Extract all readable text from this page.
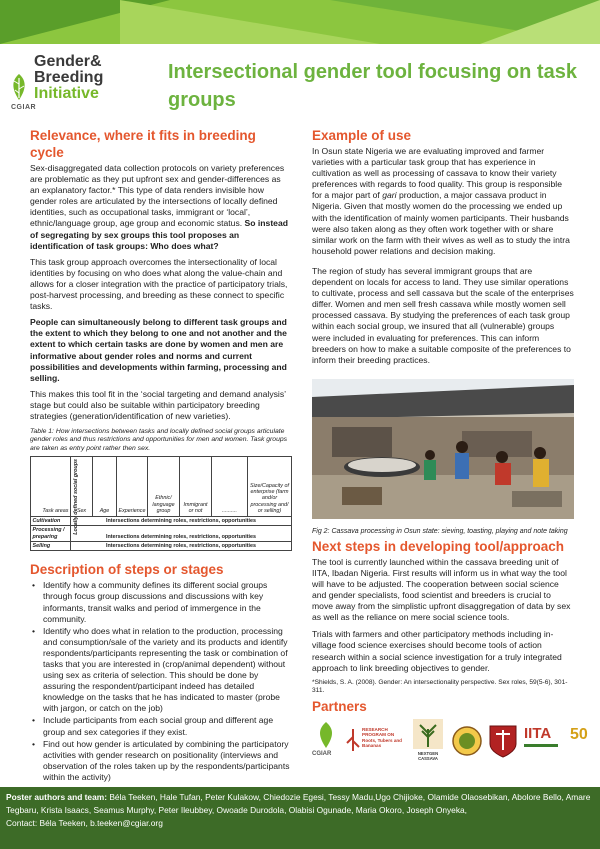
CGIAR
Gender&
Breeding
Initiative
Intersectional gender tool focusing on task groups
Relevance, where it fits in breeding cycle

Sex-disaggregated data collection protocols on variety preferences are problematic as they put upfront sex and gender-differences as an explanatory factor.* This type of data renders invisible how gender roles are articulated by the intersections of locally defined identities, such as occupational tasks, immigrant or ‘local’, ethnic/language group, age group and economic status. So instead of segregating by sex groups this tool proposes an identification of task groups: Who does what?

This task group approach overcomes the intersectionality of local identities by focusing on who does what along the value-chain and allows for a closer integration with the practice of participatory trials, post-harvest processing, and breeding as these connect to specific tasks.

People can simultaneously belong to different task groups and the extent to which they belong to one and not another and the extent to which certain tasks are done by women and men are informative about gender roles and norms and current possibilities and developments within farming, processing and selling.

This makes this tool fit in the ‘social targeting and demand analysis’ stage but could also be suitable within participatory breeding strategies (generation/identification of new varieties).

Table 1: How intersections between tasks and locally defined social groups articulate gender roles and thus restrictions and opportunities for men and women. Task groups are taken as entry point rather then sex.
Task areas	Locally defined social groups
Sex	Age	Experience	Ethnic/ language group	Immigrant or not	..........	Size/Capacity of enterprise (farm and/or processing and/ or selling)
Cultivation	Intersections determining roles, restrictions, opportunities						
Processing / preparing	Intersections determining roles, restrictions, opportunities						
Selling	Intersections determining roles, restrictions, opportunities						
Description of steps or stages
• Identify how a community defines its different social groups through focus group discussions and discussions with key informants, transit walks and period of immergence in the community.
• Identify who does what in relation to the production, processing and consumption/sale of the variety and its products and identify respondents/participants representing the task or combination of tasks that you are interested in (crop/animal dependent) without using sex as criteria of selection. This should be done by assuring the respondent/participant indeed has detailed knowledge on the tasks that he has indicated to master (probe with jargon, or catch on the job)
• Include participants from each social group and different age group and sex categories if they exist.
• Find out how gender is articulated by combining the participatory activities with gender research on positionality (interviews and observation of the roles taken up by the respondents/participants within the activity)
Example of use

In Osun state Nigeria we are evaluating improved and farmer varieties with a particular task group that has experience in cultivation as well as processing of cassava to know their variety preferences with regards to food quality. This group is responsible for a major part of gari production, a major cassava product in Nigeria. Given that mostly women do the processing we ended up with the identification of mainly women participants. Their husbands were also taken along as they often work together with or share similar work on the farm with their wives as well as to study the intra household power relations and decision making.

The region of study has several immigrant groups that are dependent on locals for access to land. They use similar operations to cultivate, process and sell cassava but the scale of the enterprises differ. Women and men sell fresh cassava while mostly women sell processed cassava. By studying the preferences of each task group within each social group, we insured that all (vulnerable) groups were included in evaluating for preferences. This can inform breeders on how to make a suitable composite of the preferences to inform their breeding practices.

Fig 2: Cassava processing in Osun state: sieving, toasting, playing and note taking
Next steps in developing tool/approach

The tool is currently launched within the cassava breeding unit of IITA, Ibadan Nigeria. First results will inform us in what way the tool will have to be adjusted. The cooperation between social science and gender specialists, food scientist and breeders is crucial to move away from the simplistic upfront disaggregation of data by sex as well as the reliance on mere social science tools.

Trials with farmers and other participatory methods including in-village food science exercises should become tools of action research within a social science investigation for a truly integrated approach to link breeding objectives to gender.

*Shields, S. A. (2008). Gender: An intersectionality perspective. Sex roles, 59(5-6), 301-311.
Partners
CGIAR
RESEARCH PROGRAM ON Roots, Tubers and Bananas
NEXTGEN CASSAVA
IITA	50

Poster authors and team: Béla Teeken, Hale Tufan, Peter Kulakow, Chiedozie Egesi, Tessy Madu,Ugo Chijioke, Olamide Olaosebikan, Abolore Bello, Amare Tegbaru, Krista Isaacs, Seamus Murphy, Peter Ileubbey, Owoade Durodola, Olabisi Ogunade, Maria Okoro, Joseph Onyeka,

Contact: Béla Teeken, b.teeken@cgiar.org
